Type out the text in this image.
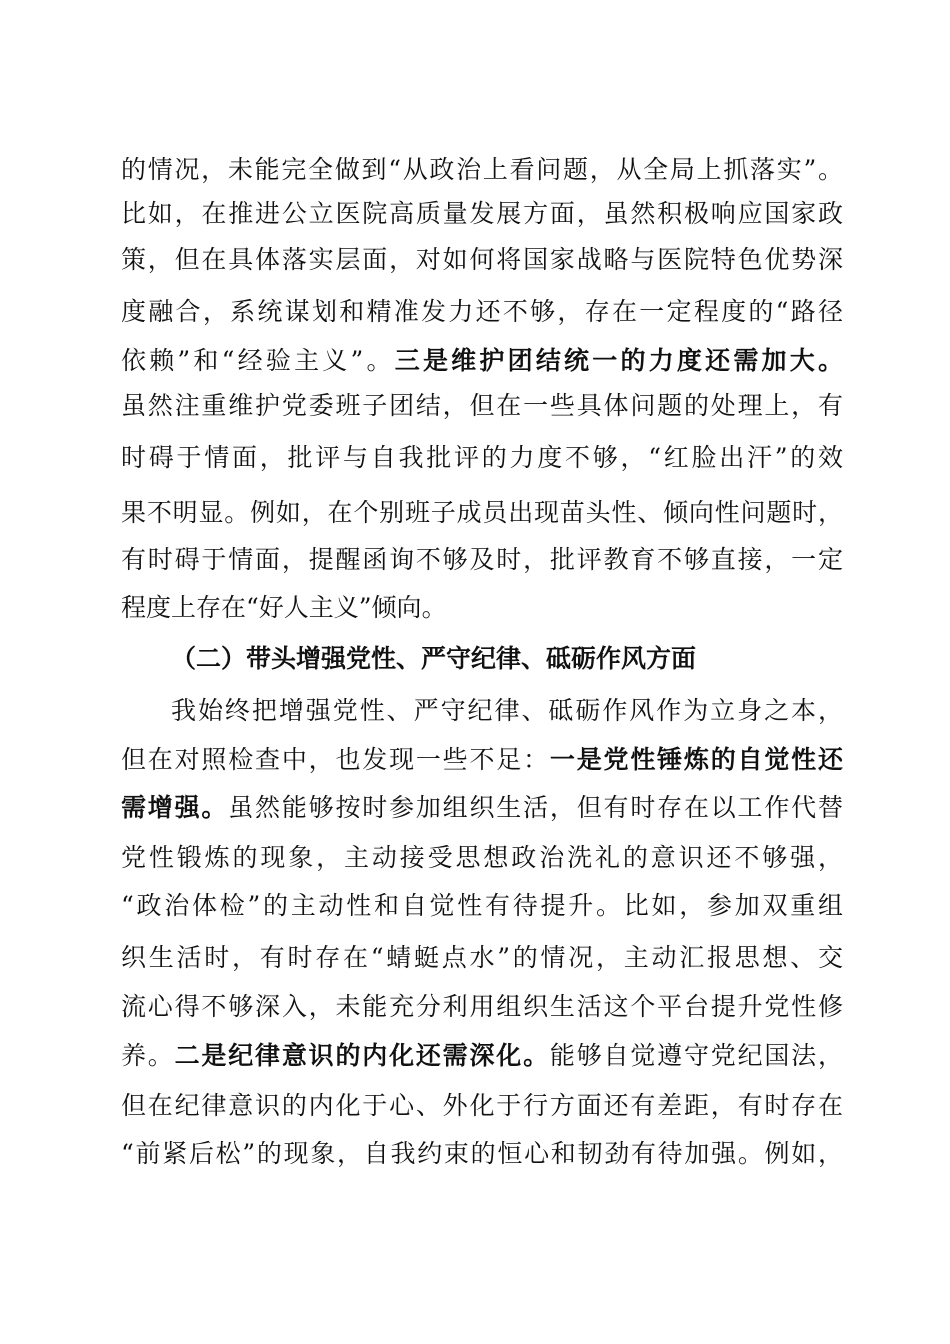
的情况，未能完全做到“从政治上看问题，从全局上抓落实”。
比如，在推进公立医院高质量发展方面，虽然积极响应国家政
策，但在具体落实层面，对如何将国家战略与医院特色优势深
度融合，系统谋划和精准发力还不够，存在一定程度的“路径
依赖”和“经验主义”。三是维护团结统一的力度还需加大。
虽然注重维护党委班子团结，但在一些具体问题的处理上，有
时碍于情面，批评与自我批评的力度不够，“红脸出汗”的效
果不明显。例如，在个别班子成员出现苗头性、倾向性问题时，
有时碍于情面，提醒函询不够及时，批评教育不够直接，一定
程度上存在“好人主义”倾向。
（二）带头增强党性、严守纪律、砥砺作风方面
我始终把增强党性、严守纪律、砥砺作风作为立身之本，
但在对照检查中，也发现一些不足：一是党性锤炼的自觉性还
需增强。虽然能够按时参加组织生活，但有时存在以工作代替
党性锻炼的现象，主动接受思想政治洗礼的意识还不够强，
“政治体检”的主动性和自觉性有待提升。比如，参加双重组
织生活时，有时存在“蜻蜓点水”的情况，主动汇报思想、交
流心得不够深入，未能充分利用组织生活这个平台提升党性修
养。二是纪律意识的内化还需深化。能够自觉遵守党纪国法，
但在纪律意识的内化于心、外化于行方面还有差距，有时存在
“前紧后松”的现象，自我约束的恒心和韧劲有待加强。例如，
